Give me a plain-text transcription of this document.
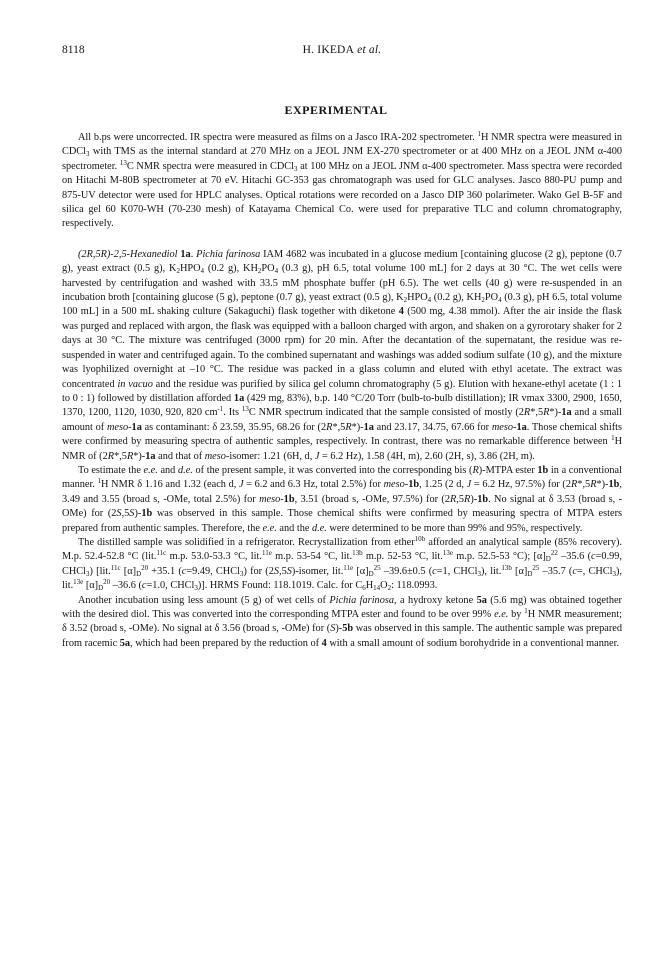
8118	H. IKEDA et al.
EXPERIMENTAL

All b.ps were uncorrected. IR spectra were measured as films on a Jasco IRA-202 spectrometer. $^1$H NMR spectra were measured in CDCl$_3$ with TMS as the internal standard at 270 MHz on a JEOL JNM EX-270 spectrometer or at 400 MHz on a JEOL JNM α-400 spectrometer. $^{13}$C NMR spectra were measured in CDCl$_3$ at 100 MHz on a JEOL JNM α-400 spectrometer. Mass spectra were recorded on Hitachi M-80B spectrometer at 70 eV. Hitachi GC-353 gas chromatograph was used for GLC analyses. Jasco 880-PU pump and 875-UV detector were used for HPLC analyses. Optical rotations were recorded on a Jasco DIP 360 polarimeter. Wako Gel B-5F and silica gel 60 K070-WH (70-230 mesh) of Katayama Chemical Co. were used for preparative TLC and column chromatography, respectively.

(2R,5R)-2,5-Hexanediol 1a. Pichia farinosa IAM 4682 was incubated in a glucose medium [containing glucose (2 g), peptone (0.7 g), yeast extract (0.5 g), $K_2HPO_4$ (0.2 g), $KH_2PO_4$ (0.3 g), pH 6.5, total volume 100 mL] for 2 days at 30 °C. The wet cells were harvested by centrifugation and washed with 33.5 mM phosphate buffer (pH 6.5). The wet cells (40 g) were re-suspended in an incubation broth [containing glucose (5 g), peptone (0.7 g), yeast extract (0.5 g), $K_2HPO_4$ (0.2 g), $KH_2PO_4$ (0.3 g), pH 6.5, total volume 100 mL] in a 500 mL shaking culture (Sakaguchi) flask together with diketone 4 (500 mg, 4.38 mmol). After the air inside the flask was purged and replaced with argon, the flask was equipped with a balloon charged with argon, and shaken on a gyrorotary shaker for 2 days at 30 °C. The mixture was centrifuged (3000 rpm) for 20 min. After the decantation of the supernatant, the residue was re-suspended in water and centrifuged again. To the combined supernatant and washings was added sodium sulfate (10 g), and the mixture was lyophilized overnight at –10 °C. The residue was packed in a glass column and eluted with ethyl acetate. The extract was concentrated in vacuo and the residue was purified by silica gel column chromatography (5 g). Elution with hexane-ethyl acetate (1 : 1 to 0 : 1) followed by distillation afforded 1a (429 mg, 83%), b.p. 140 °C/20 Torr (bulb-to-bulb distillation); IR vmax 3300, 2900, 1650, 1370, 1200, 1120, 1030, 920, 820 $cm^{-1}$. Its $^{13}$C NMR spectrum indicated that the sample consisted of mostly (2R*,5R*)-1a and a small amount of meso-1a as contaminant: δ 23.59, 35.95, 68.26 for (2R*,5R*)-1a and 23.17, 34.75, 67.66 for meso-1a. Those chemical shifts were confirmed by measuring spectra of authentic samples, respectively. In contrast, there was no remarkable difference between $^1$H NMR of (2R*,5R*)-1a and that of meso-isomer: 1.21 (6H, d, J = 6.2 Hz), 1.58 (4H, m), 2.60 (2H, s), 3.86 (2H, m).

To estimate the e.e. and d.e. of the present sample, it was converted into the corresponding bis (R)-MTPA ester 1b in a conventional manner. $^1$H NMR δ 1.16 and 1.32 (each d, J = 6.2 and 6.3 Hz, total 2.5%) for meso-1b, 1.25 (2 d, J = 6.2 Hz, 97.5%) for (2R*,5R*)-1b, 3.49 and 3.55 (broad s, -OMe, total 2.5%) for meso-1b, 3.51 (broad s, -OMe, 97.5%) for (2R,5R)-1b. No signal at δ 3.53 (broad s, -OMe) for (2S,5S)-1b was observed in this sample. Those chemical shifts were confirmed by measuring spectra of MTPA esters prepared from authentic samples. Therefore, the e.e. and the d.e. were determined to be more than 99% and 95%, respectively.

The distilled sample was solidified in a refrigerator. Recrystallization from ether$^{10b}$ afforded an analytical sample (85% recovery). M.p. 52.4-52.8 °C (lit.$^{11c}$ m.p. 53.0-53.3 °C, lit.$^{11e}$ m.p. 53-54 °C, lit.$^{13b}$ m.p. 52-53 °C, lit.$^{13e}$ m.p. 52.5-53 °C); $[\alpha]_D^{22}$ –35.6 (c=0.99, CHCl$_3$) [lit.$^{11c}$ $[\alpha]_D^{20} +35.1$ (c=9.49, CHCl$_3$) for (2S,5S)-isomer, lit.$^{11e}$ $[\alpha]_D^{25}$ –39.6±0.5 (c=1, CHCl$_3$), lit.$^{13b}$ $[\alpha]_D^{25}$ –35.7 (c=, CHCl$_3$), lit.$^{13e}$ $[\alpha]_D^{20}$ –36.6 (c=1.0, CHCl$_3$)]. HRMS Found: 118.1019. Calc. for $C_6H_{14}O_2$: 118.0993.

Another incubation using less amount (5 g) of wet cells of Pichia farinosa, a hydroxy ketone 5a (5.6 mg) was obtained together with the desired diol. This was converted into the corresponding MTPA ester and found to be over 99% e.e. by $^1$H NMR measurement; δ 3.52 (broad s, -OMe). No signal at δ 3.56 (broad s, -OMe) for (S)-5b was observed in this sample. The authentic sample was prepared from racemic 5a, which had been prepared by the reduction of 4 with a small amount of sodium borohydride in a conventional manner.
